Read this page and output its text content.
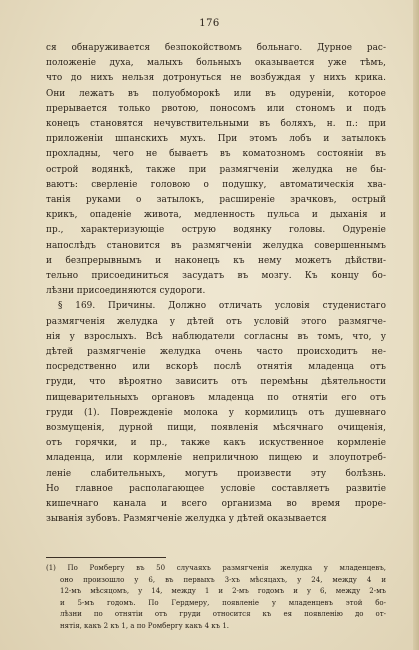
176
ся обнаруживается безпокойствомъ больнаго. Дурное рас-
положеніе духа, малыхъ больныхъ оказывается уже тѣмъ,
что до нихъ нельзя дотронуться не возбуждая у нихъ крика.
Они лежатъ въ полуобморокѣ или въ одуреніи, которое
прерывается только рвотою, поносомъ или стономъ и подъ
конецъ становятся нечувствительными въ боляхъ, н. п.: при
приложеніи шпанскихъ мухъ. При этомъ лобъ и затылокъ
прохладны, чего не бываетъ въ коматозномъ состояніи въ
острой водянкѣ, также при размягченіи желудка не бы-
ваютъ: сверленіе головою о подушку, автоматическія хва-
танія руками о затылокъ, расширеніе зрачковъ, острый
крикъ, опаденіе живота, медленность пульса и дыханія и
пр., характеризующіе острую водянку головы. Одуреніе
напослѣдъ становится въ размягченіи желудка совершеннымъ
и безпрерывнымъ и наконецъ къ нему можетъ дѣйстви-
тельно присоединиться засудатъ въ мозгу. Къ концу бо-
лѣзни присоединяются судороги.
§ 169. Причины. Должно отличать условія студенистаго
размягченія желудка у дѣтей отъ условій этого размягче-
нія у взрослыхъ. Всѣ наблюдатели согласны въ томъ, что, у
дѣтей размягченіе желудка очень часто происходитъ не-
посредственно или вскорѣ послѣ отнятія младенца отъ
груди, что вѣроятно зависитъ отъ перемѣны дѣятельности
пищеварительныхъ органовъ младенца по отнятіи его отъ
груди (1). Поврежденіе молока у кормилицъ отъ душевнаго
возмущенія, дурной пищи, появленія мѣсячнаго очищенія,
отъ горячки, и пр., также какъ искуственное кормленіе
младенца, или кормленіе неприличною пищею и злоупотреб-
леніе слабительныхъ, могутъ произвести эту болѣзнь.
Но главное располагающее условіе составляетъ развитіе
кишечнаго канала и всего организма во время проре-
зыванія зубовъ. Размягченіе желудка у дѣтей оказывается
(1) По Ромбергу въ 50 случаяхъ размягченія желудка у младенцевъ,
оно произошло у 6, въ первыхъ 3-хъ мѣсяцахъ, у 24, между 4 и
12-мъ мѣсяцомъ, у 14, между 1 и 2-мъ годомъ и у 6, между 2-мъ
и 5-мъ годомъ. По Гердмеру, появленіе у младенцевъ этой бо-
лѣзни по отнятіи отъ груди относится къ ея появленію до от-
нятія, какъ 2 къ 1, а по Ромбергу какъ 4 къ 1.
